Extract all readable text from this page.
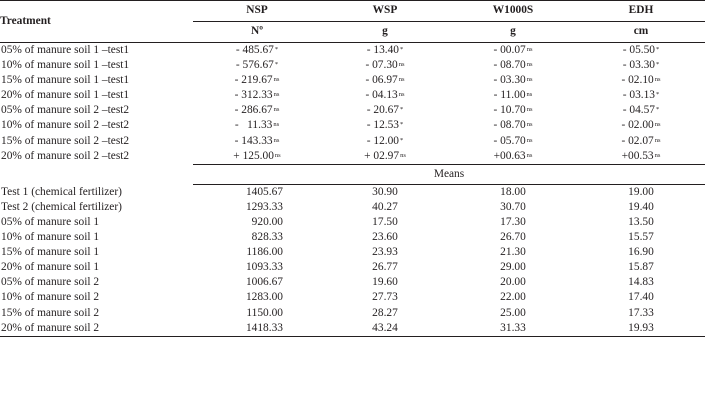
Treatment	NSP	WSP	W1000S	EDH
	Nº	g	g	cm
05% of manure soil 1 –test1	- 485.67*	- 13.40*	- $00.07^{ns}$	- 05.50*
10% of manure soil 1 –test1	- 576.67*	- $07.30^{ns}$	- $08.70^{ns}$	- 03.30*
15% of manure soil 1 –test1	- $219.67^{ns}$	- $06.97^{ns}$	- $03.30^{ns}$	- $02.10^{ns}$
20% of manure soil 1 –test1	- $312.33^{ns}$	- $04.13^{ns}$	- $11.00^{ns}$	- 03.13*
05% of manure soil 2 –test2	- $286.67^{ns}$	- 20.67*	- $10.70^{ns}$	- 04.57*
10% of manure soil 2 –test2	-   $11.33^{ns}$	- 12.53*	- $08.70^{ns}$	- $02.00^{ns}$
15% of manure soil 2 –test2	- $143.33^{ns}$	- 12.00*	- $05.70^{ns}$	- $02.07^{ns}$
20% of manure soil 2 –test2	+ $125.00^{ns}$	+ $02.97^{ns}$	$+00.63^{ns}$	$+00.53^{ns}$
	Means			
Test 1 (chemical fertilizer)	1405.67	30.90	18.00	19.00
Test 2 (chemical fertilizer)	1293.33	40.27	30.70	19.40
05% of manure soil 1	920.00	17.50	17.30	13.50
10% of manure soil 1	828.33	23.60	26.70	15.57
15% of manure soil 1	1186.00	23.93	21.30	16.90
20% of manure soil 1	1093.33	26.77	29.00	15.87
05% of manure soil 2	1006.67	19.60	20.00	14.83
10% of manure soil 2	1283.00	27.73	22.00	17.40
15% of manure soil 2	1150.00	28.27	25.00	17.33
20% of manure soil 2	1418.33	43.24	31.33	19.93
